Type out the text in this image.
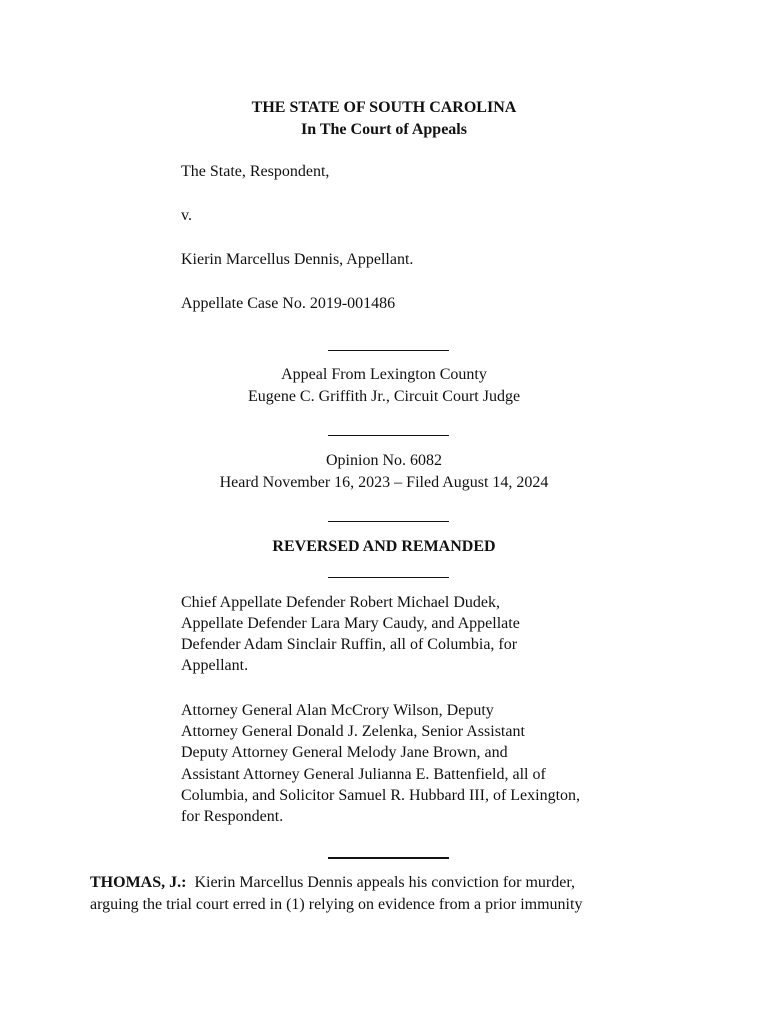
THE STATE OF SOUTH CAROLINA
In The Court of Appeals
The State, Respondent,
v.
Kierin Marcellus Dennis, Appellant.
Appellate Case No. 2019-001486
Appeal From Lexington County
Eugene C. Griffith Jr., Circuit Court Judge
Opinion No. 6082
Heard November 16, 2023 – Filed August 14, 2024
REVERSED AND REMANDED
Chief Appellate Defender Robert Michael Dudek,
Appellate Defender Lara Mary Caudy, and Appellate
Defender Adam Sinclair Ruffin, all of Columbia, for
Appellant.
Attorney General Alan McCrory Wilson, Deputy
Attorney General Donald J. Zelenka, Senior Assistant
Deputy Attorney General Melody Jane Brown, and
Assistant Attorney General Julianna E. Battenfield, all of
Columbia, and Solicitor Samuel R. Hubbard III, of Lexington,
for Respondent.
THOMAS, J.: Kierin Marcellus Dennis appeals his conviction for murder,
arguing the trial court erred in (1) relying on evidence from a prior immunity
